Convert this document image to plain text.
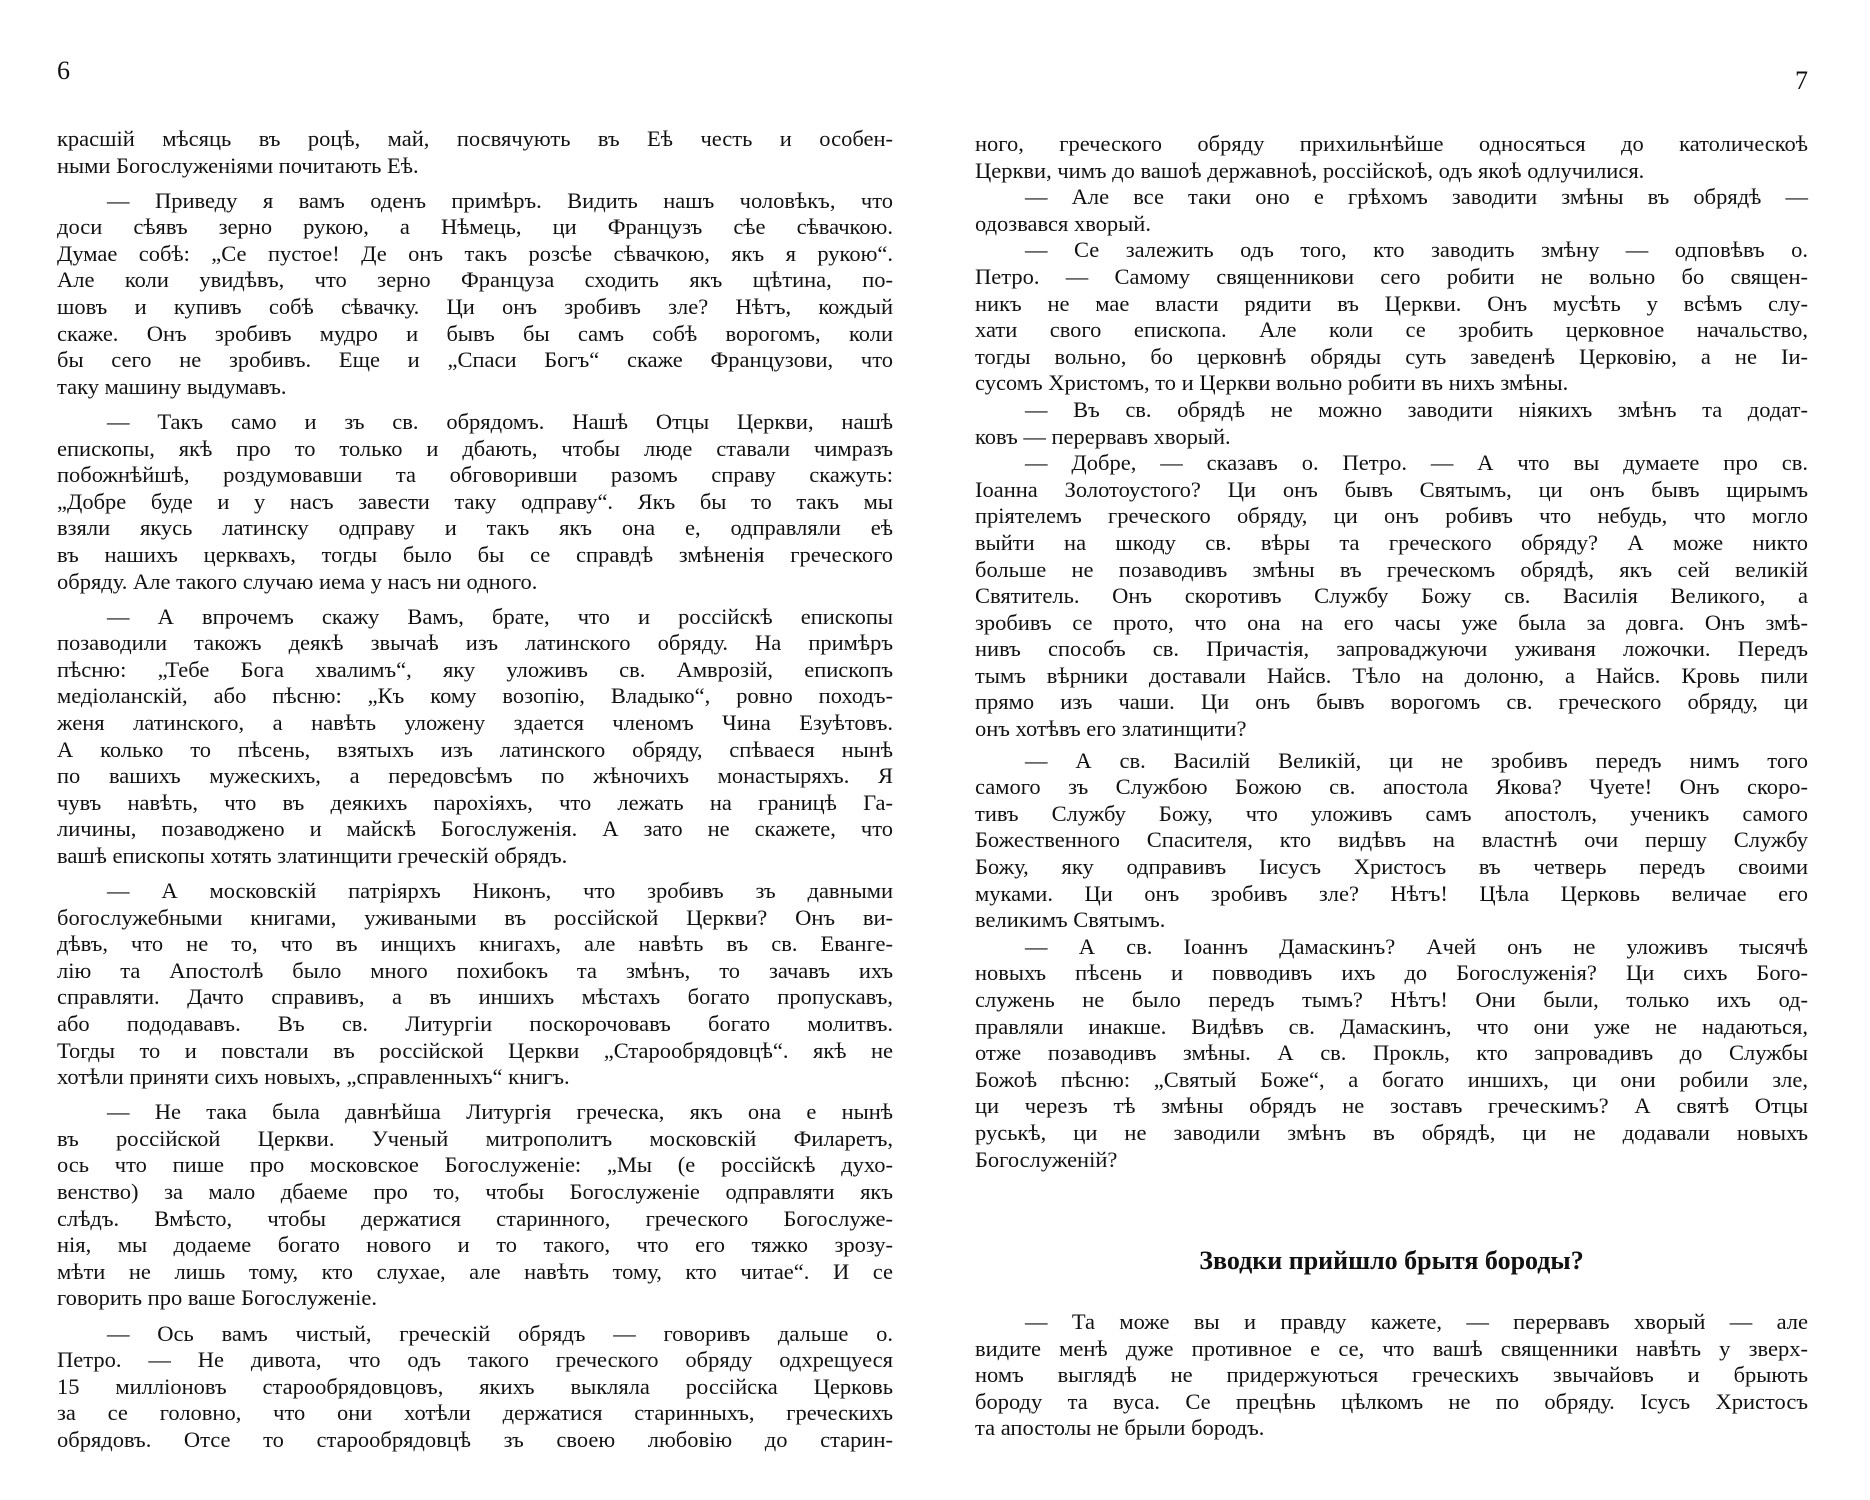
6
красшій мѣсяць въ роцѣ, май, посвячують въ Еѣ честь и особен-
ными Богослуженіями почитають Еѣ.
— Приведу я вамъ оденъ примѣръ. Видить нашъ чоловѣкъ, что
доси сѣявъ зерно рукою, а Нѣмець, ци Французъ сѣе сѣвачкою.
Думае собѣ: „Се пустое! Де онъ такъ розсѣе сѣвачкою, якъ я рукою“.
Але коли увидѣвъ, что зерно Француза сходить якъ щѣтина, по-
шовъ и купивъ собѣ сѣвачку. Ци онъ зробивъ зле? Нѣтъ, кождый
скаже. Онъ зробивъ мудро и бывъ бы самъ собѣ ворогомъ, коли
бы сего не зробивъ. Еще и „Спаси Богъ“ скаже Французови, что
таку машину выдумавъ.
— Такъ само и зъ св. обрядомъ. Нашѣ Отцы Церкви, нашѣ
епископы, якѣ про то только и дбають, чтобы люде ставали чимразъ
побожнѣйшѣ, роздумовавши та обговоривши разомъ справу скажуть:
„Добре буде и у насъ завести таку одправу“. Якъ бы то такъ мы
взяли якусь латинску одправу и такъ якъ она е, одправляли еѣ
въ нашихъ церквахъ, тогды было бы се справдѣ змѣненія греческого
обряду. Але такого случаю иема у насъ ни одного.
— А впрочемъ скажу Вамъ, брате, что и россійскѣ епископы
позаводили такожъ деякѣ звычаѣ изъ латинского обряду. На примѣръ
пѣсню: „Тебе Бога хвалимъ“, яку уложивъ св. Амврозій, епископъ
медіоланскій, або пѣсню: „Къ кому возопію, Владыко“, ровно походъ-
женя латинского, а навѣть уложену здается членомъ Чина Езуѣтовъ.
А колько то пѣсень, взятыхъ изъ латинского обряду, спѣваеся нынѣ
по вашихъ мужескихъ, а передовсѣмъ по жѣночихъ монастыряхъ. Я
чувъ навѣть, что въ деякихъ парохіяхъ, что лежать на границѣ Га-
личины, позаводжено и майскѣ Богослуженія. А зато не скажете, что
вашѣ епископы хотять златинщити греческій обрядъ.
— А московскій патріярхъ Никонъ, что зробивъ зъ давными
богослужебными книгами, уживаными въ россійской Церкви? Онъ ви-
дѣвъ, что не то, что въ инщихъ книгахъ, але навѣть въ св. Еванге-
лію та Апостолѣ было много похибокъ та змѣнъ, то зачавъ ихъ
справляти. Дачто справивъ, а въ иншихъ мѣстахъ богато пропускавъ,
або пододававъ. Въ св. Литургіи поскорочовавъ богато молитвъ.
Тогды то и повстали въ россійской Церкви „Старообрядовцѣ“. якѣ не
хотѣли приняти сихъ новыхъ, „справленныхъ“ книгъ.
— Не така была давнѣйша Литургія греческа, якъ она е нынѣ
въ россійской Церкви. Ученый митрополитъ московскій Филаретъ,
ось что пише про московское Богослуженіе: „Мы (е россійскѣ духо-
венство) за мало дбаеме про то, чтобы Богослуженіе одправляти якъ
слѣдъ. Вмѣсто, чтобы держатися старинного, греческого Богослуже-
нія, мы додаеме богато нового и то такого, что его тяжко зрозу-
мѣти не лишь тому, кто слухае, але навѣть тому, кто читае“. И се
говорить про ваше Богослуженіе.
— Ось вамъ чистый, греческій обрядъ — говоривъ дальше о.
Петро. — Не дивота, что одъ такого греческого обряду одхрещуеся
15 милліоновъ старообрядовцовъ, якихъ выкляла россійска Церковь
за се головно, что они хотѣли держатися старинныхъ, греческихъ
обрядовъ. Отсе то старообрядовцѣ зъ своею любовію до старин-
7
ного, греческого обряду прихильнѣйше односяться до католическоѣ
Церкви, чимъ до вашоѣ державноѣ, россійскоѣ, одъ якоѣ одлучилися.
— Але все таки оно е грѣхомъ заводити змѣны въ обрядѣ —
одозвався хворый.
— Се залежить одъ того, кто заводить змѣну — одповѣвъ о.
Петро. — Самому священникови сего робити не вольно бо священ-
никъ не мае власти рядити въ Церкви. Онъ мусѣть у всѣмъ слу-
хати свого епископа. Але коли се зробить церковное начальство,
тогды вольно, бо церковнѣ обряды суть заведенѣ Церковію, а не Іи-
сусомъ Христомъ, то и Церкви вольно робити въ нихъ змѣны.
— Въ св. обрядѣ не можно заводити ніякихъ змѣнъ та додат-
ковъ — перервавъ хворый.
— Добре, — сказавъ о. Петро. — А что вы думаете про св.
Іоанна Золотоустого? Ци онъ бывъ Святымъ, ци онъ бывъ щирымъ
пріятелемъ греческого обряду, ци онъ робивъ что небудь, что могло
выйти на шкоду св. вѣры та греческого обряду? А може никто
больше не позаводивъ змѣны въ греческомъ обрядѣ, якъ сей великій
Святитель. Онъ скоротивъ Службу Божу св. Василія Великого, а
зробивъ се прото, что она на его часы уже была за довга. Онъ змѣ-
нивъ способъ св. Причастія, запроваджуючи уживаня ложочки. Передъ
тымъ вѣрники доставали Найсв. Тѣло на долоню, а Найсв. Кровь пили
прямо изъ чаши. Ци онъ бывъ ворогомъ св. греческого обряду, ци
онъ хотѣвъ его златинщити?
— А св. Василій Великій, ци не зробивъ передъ нимъ того
самого зъ Службою Божою св. апостола Якова? Чуете! Онъ скоро-
тивъ Службу Божу, что уложивъ самъ апостолъ, ученикъ самого
Божественного Спасителя, кто видѣвъ на властнѣ очи першу Службу
Божу, яку одправивъ Іисусъ Христосъ въ четверь передъ своими
муками. Ци онъ зробивъ зле? Нѣтъ! Цѣла Церковь величае его
великимъ Святымъ.
— А св. Іоаннъ Дамаскинъ? Ачей онъ не уложивъ тысячѣ
новыхъ пѣсень и повводивъ ихъ до Богослуженія? Ци сихъ Бого-
служень не было передъ тымъ? Нѣтъ! Они были, только ихъ од-
правляли инакше. Видѣвъ св. Дамаскинъ, что они уже не надаються,
отже позаводивъ змѣны. А св. Прокль, кто запровадивъ до Службы
Божоѣ пѣсню: „Святый Боже“, а богато иншихъ, ци они робили зле,
ци черезъ тѣ змѣны обрядъ не зоставъ греческимъ? А святѣ Отцы
руськѣ, ци не заводили змѣнъ въ обрядѣ, ци не додавали новыхъ
Богослуженій?
Зводки прийшло брытя бороды?
— Та може вы и правду кажете, — перервавъ хворый — але
видите менѣ дуже противное е се, что вашѣ священники навѣть у зверх-
номъ выглядѣ не придержуються греческихъ звычайовъ и брыють
бороду та вуса. Се прецѣнь цѣлкомъ не по обряду. Ісусъ Христосъ
та апостолы не брыли бородъ.
